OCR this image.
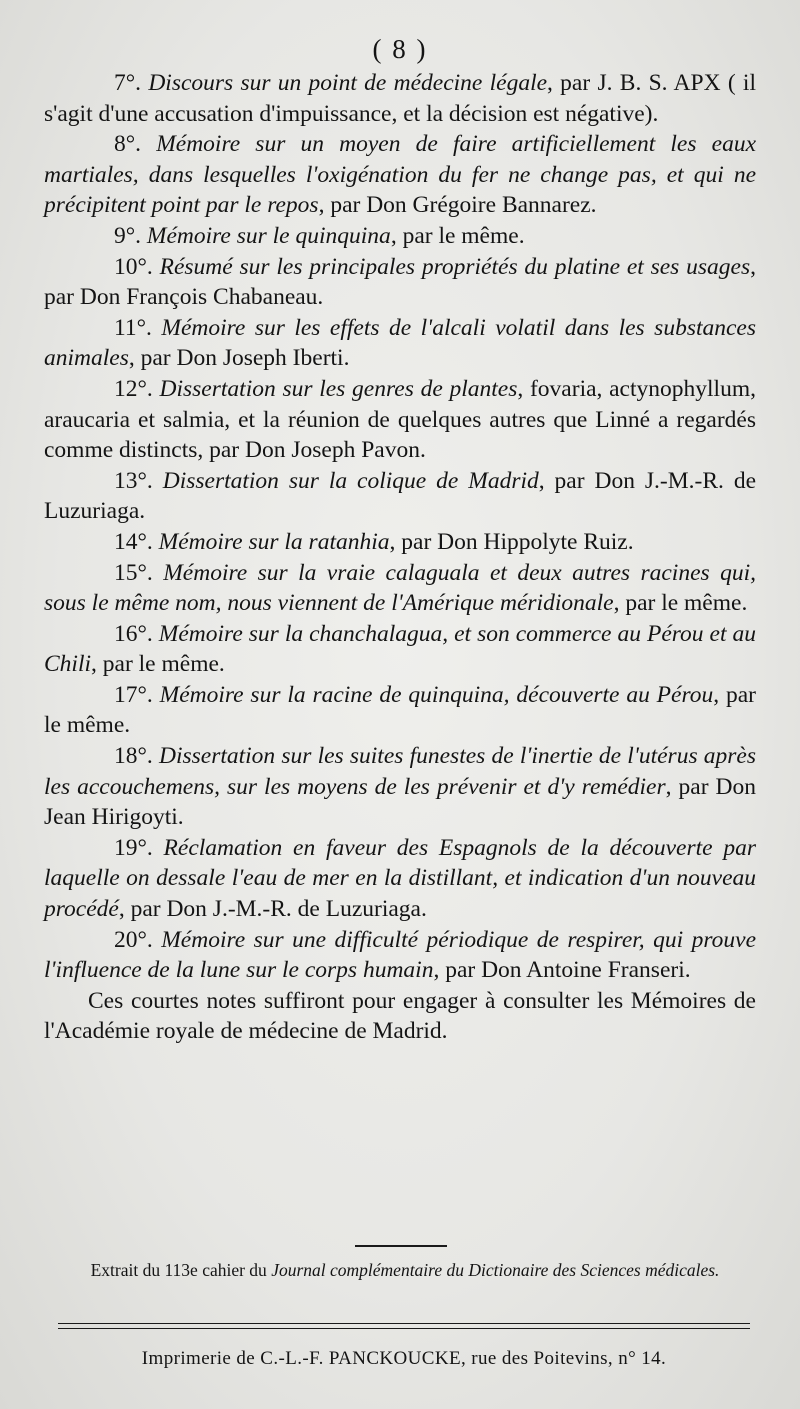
( 8 )

7°. Discours sur un point de médecine légale, par J. B. S. APX ( il s'agit d'une accusation d'impuissance, et la décision est négative).

8°. Mémoire sur un moyen de faire artificiellement les eaux martiales, dans lesquelles l'oxigénation du fer ne change pas, et qui ne précipitent point par le repos, par Don Grégoire Bannarez.

9°. Mémoire sur le quinquina, par le même.

10°. Résumé sur les principales propriétés du platine et ses usages, par Don François Chabaneau.

11°. Mémoire sur les effets de l'alcali volatil dans les substances animales, par Don Joseph Iberti.

12°. Dissertation sur les genres de plantes, fovaria, actynophyllum, araucaria et salmia, et la réunion de quelques autres que Linné a regardés comme distincts, par Don Joseph Pavon.

13°. Dissertation sur la colique de Madrid, par Don J.-M.-R. de Luzuriaga.

14°. Mémoire sur la ratanhia, par Don Hippolyte Ruiz.

15°. Mémoire sur la vraie calaguala et deux autres racines qui, sous le même nom, nous viennent de l'Amérique méridionale, par le même.

16°. Mémoire sur la chanchalagua, et son commerce au Pérou et au Chili, par le même.

17°. Mémoire sur la racine de quinquina, découverte au Pérou, par le même.

18°. Dissertation sur les suites funestes de l'inertie de l'utérus après les accouchemens, sur les moyens de les prévenir et d'y remédier, par Don Jean Hirigoyti.

19°. Réclamation en faveur des Espagnols de la découverte par laquelle on dessale l'eau de mer en la distillant, et indication d'un nouveau procédé, par Don J.-M.-R. de Luzuriaga.

20°. Mémoire sur une difficulté périodique de respirer, qui prouve l'influence de la lune sur le corps humain, par Don Antoine Franseri.

Ces courtes notes suffiront pour engager à consulter les Mémoires de l'Académie royale de médecine de Madrid.

Extrait du 113e cahier du Journal complémentaire du Dictionaire des Sciences médicales.
Imprimerie de C.-L.-F. PANCKOUCKE, rue des Poitevins, n° 14.
